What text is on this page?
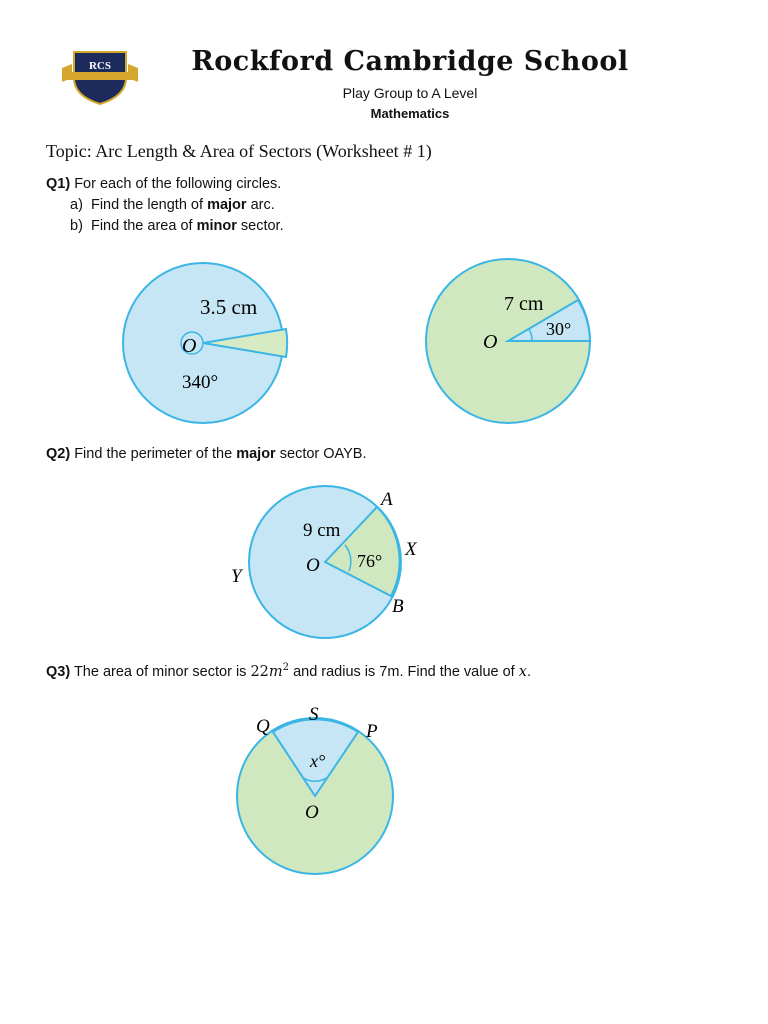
RCS	Rockford Cambridge School
Play Group to A Level
Mathematics
Topic: Arc Length & Area of Sectors (Worksheet # 1)
Q1) For each of the following circles.
a) Find the length of major arc.
b) Find the area of minor sector.
3.5 cm
O
340°
7 cm
O
30°
Q2) Find the perimeter of the major sector OAYB.
9 cm
O 76°
A
B
X
Y
Q3) The area of minor sector is $22m^2$ and radius is 7m. Find the value of x.
S
Q	P
x°
O
